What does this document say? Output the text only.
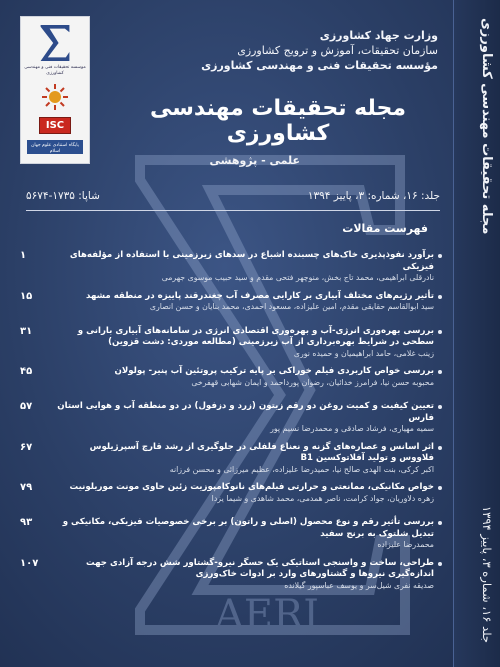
AERI
مجله تحقیقات مهندسی کشاورزی
جلد ۱۶، شماره ۳، پاییز ۱۳۹۴
موسسه تحقیقات فنی و مهندسی کشاورزی
ISC
پایگاه استنادی علوم جهان اسلام
وزارت جهاد کشاورزی
سازمان تحقیقات، آموزش و ترویج کشاورزی
مؤسسه تحقیقات فنی و مهندسی کشاورزی
مجله تحقیقات مهندسی کشاورزی
علمی - پژوهشی
جلد: ۱۶، شماره: ۳، پاییز ۱۳۹۴
شاپا: ۱۷۳۵-۵۶۷۴
فهرست مقالات
برآورد نفوذپذیری خاک‌های چسبنده اشباع در سدهای زیرزمینی با استفاده از مؤلفه‌های فیزیکی
نادرقلی ابراهیمی، محمد تاج بخش، منوچهر فتحی مقدم و سید حبیب موسوی جهرمی
۱
تأثیر رژیم‌های مختلف آبیاری بر کارایی مصرف آب چغندرقند پاییزه در منطقه مشهد
سید ابوالقاسم حقایقی مقدم، امین علیزاده، مسعود احمدی، محمد بنایان و حسن انصاری
۱۵
بررسی بهره‌وری انرژی-آب و بهره‌وری اقتصادی انرژی در سامانه‌های آبیاری بارانی و سطحی در شرایط بهره‌برداری از آب زیرزمینی (مطالعه موردی: دشت قزوین)
زینب غلامی، حامد ابراهیمیان و حمیده نوری
۳۱
بررسی خواص کاربردی فیلم خوراکی بر پایه ترکیب پروتئین آب پنیر- پولولان
محبوبه حسن نیا، فرامرز خدائیان، رضوان پورداحمد و ایمان شهابی قهفرخی
۴۵
تعیین کیفیت و کمیت روغن دو رقم زیتون (زرد و دزفول) در دو منطقه آب و هوایی استان فارس
سمیه مهیاری، فرشاد صادقی و محمدرضا نسیم پور
۵۷
اثر اسانس و عصاره‌های گزنه و نعناع فلفلی در جلوگیری از رشد قارچ آسپرژیلوس فلاووس و تولید آفلاتوکسین B1
اکبر کرکی، بنت الهدی صالح نیا، حمیدرضا علیزاده، عظیم میرزائی و محسن فرزانه
۶۷
خواص مکانیکی، ممانعتی و حرارتی فیلم‌های نانوکامپوزیت زئین حاوی مونت موریلونیت
زهره دلاوریان، جواد کرامت، ناصر همدمی، محمد شاهدی و شیما یزدا
۷۹
بررسی تأثیر رقم و نوع محصول (اصلی و راتون) بر برخی خصوصیات فیزیکی، مکانیکی و تبدیل شلتوک به برنج سفید
محمدرضا علیزاده
۹۳
طراحی، ساخت و واسنجی استاتیکی یک حسگر نیرو-گشتاور شش درجه آزادی جهت اندازه‌گیری نیروها و گشتاورهای وارد بر ادوات خاک‌ورزی
صدیقه نفری شیل‌سر و یوسف عباسپور گیلانده
۱۰۷
